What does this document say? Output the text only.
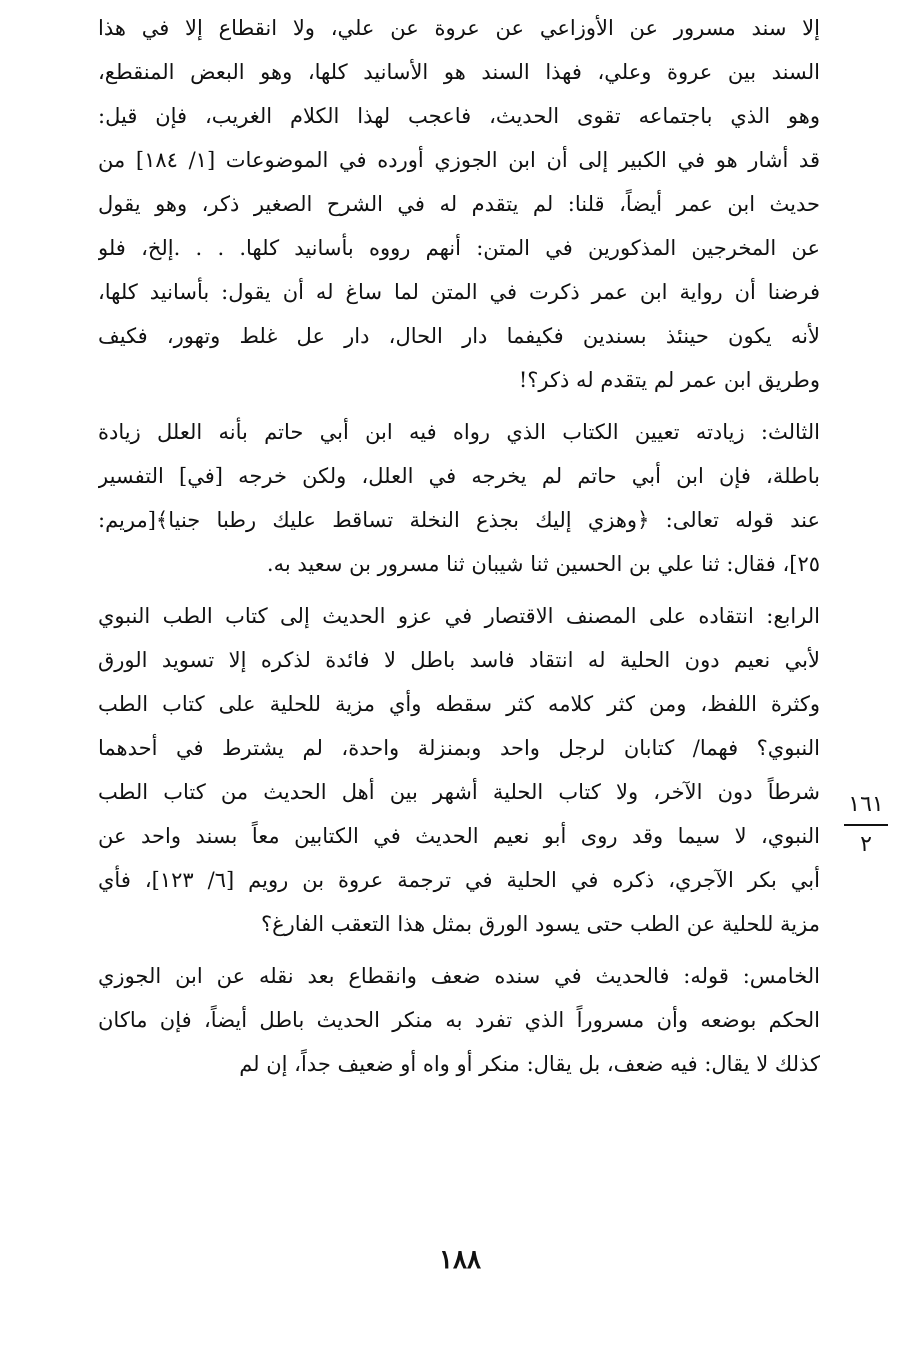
إلا سند مسرور عن الأوزاعي عن عروة عن علي، ولا انقطاع إلا في هذا
السند بين عروة وعلي، فهذا السند هو الأسانيد كلها، وهو البعض المنقطع،
وهو الذي باجتماعه تقوى الحديث، فاعجب لهذا الكلام الغريب، فإن قيل:
قد أشار هو في الكبير إلى أن ابن الجوزي أورده في الموضوعات [١/ ١٨٤] من
حديث ابن عمر أيضاً، قلنا: لم يتقدم له في الشرح الصغير ذكر، وهو يقول
عن المخرجين المذكورين في المتن: أنهم رووه بأسانيد كلها. . . .إلخ، فلو
فرضنا أن رواية ابن عمر ذكرت في المتن لما ساغ له أن يقول: بأسانيد كلها،
لأنه يكون حينئذ بسندين فكيفما دار الحال، دار عل غلط وتهور، فكيف
وطريق ابن عمر لم يتقدم له ذكر؟!
الثالث: زيادته تعيين الكتاب الذي رواه فيه ابن أبي حاتم بأنه العلل زيادة
باطلة، فإن ابن أبي حاتم لم يخرجه في العلل، ولكن خرجه [في] التفسير
عند قوله تعالى: ﴿وهزي إليك بجذع النخلة تساقط عليك رطبا جنيا﴾[مريم:
٢٥]، فقال: ثنا علي بن الحسين ثنا شيبان ثنا مسرور بن سعيد به.
الرابع: انتقاده على المصنف الاقتصار في عزو الحديث إلى كتاب الطب النبوي
لأبي نعيم دون الحلية له انتقاد فاسد باطل لا فائدة لذكره إلا تسويد الورق
وكثرة اللفظ، ومن كثر كلامه كثر سقطه وأي مزية للحلية على كتاب الطب
النبوي؟ فهما/ كتابان لرجل واحد وبمنزلة واحدة، لم يشترط في أحدهما
شرطاً دون الآخر، ولا كتاب الحلية أشهر بين أهل الحديث من كتاب الطب
النبوي، لا سيما وقد روى أبو نعيم الحديث في الكتابين معاً بسند واحد عن
أبي بكر الآجري، ذكره في الحلية في ترجمة عروة بن رويم [٦/ ١٢٣]، فأي
مزية للحلية عن الطب حتى يسود الورق بمثل هذا التعقب الفارغ؟
الخامس: قوله: فالحديث في سنده ضعف وانقطاع بعد نقله عن ابن الجوزي
الحكم بوضعه وأن مسروراً الذي تفرد به منكر الحديث باطل أيضاً، فإن ماكان
كذلك لا يقال: فيه ضعف، بل يقال: منكر أو واه أو ضعيف جداً، إن لم
١٦١
٢
١٨٨
